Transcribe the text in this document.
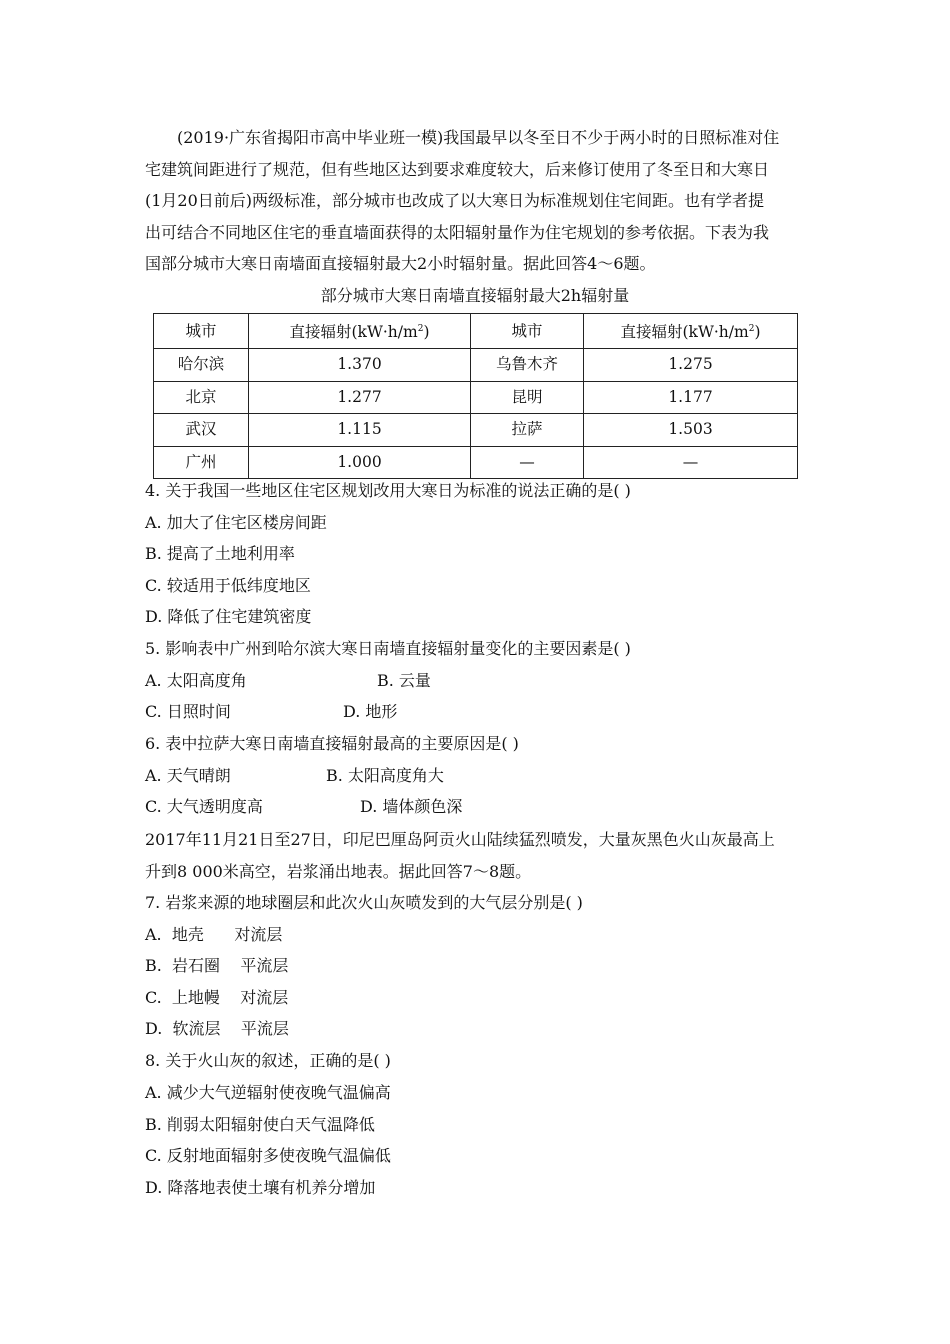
(2019·广东省揭阳市高中毕业班一模)我国最早以冬至日不少于两小时的日照标准对住
宅建筑间距进行了规范，但有些地区达到要求难度较大，后来修订使用了冬至日和大寒日
(1月20日前后)两级标准，部分城市也改成了以大寒日为标准规划住宅间距。也有学者提
出可结合不同地区住宅的垂直墙面获得的太阳辐射量作为住宅规划的参考依据。下表为我
国部分城市大寒日南墙面直接辐射最大2小时辐射量。据此回答4～6题。
部分城市大寒日南墙直接辐射最大2h辐射量
城市	直接辐射$(kW\cdot h/m^2)$	城市	直接辐射$(kW\cdot h/m^2)$
哈尔滨	1.370	乌鲁木齐	1.275
北京	1.277	昆明	1.177
武汉	1.115	拉萨	1.503
广州	1.000	—	—
4. 关于我国一些地区住宅区规划改用大寒日为标准的说法正确的是( )
A. 加大了住宅区楼房间距
B. 提高了土地利用率
C. 较适用于低纬度地区
D. 降低了住宅建筑密度
5. 影响表中广州到哈尔滨大寒日南墙直接辐射量变化的主要因素是( )
A. 太阳高度角	B. 云量
C. 日照时间	D. 地形
6. 表中拉萨大寒日南墙直接辐射最高的主要原因是( )
A. 天气晴朗	B. 太阳高度角大
C. 大气透明度高	D. 墙体颜色深
2017年11月21日至27日，印尼巴厘岛阿贡火山陆续猛烈喷发，大量灰黑色火山灰最高上
升到8 000米高空，岩浆涌出地表。据此回答7～8题。
7. 岩浆来源的地球圈层和此次火山灰喷发到的大气层分别是( )
A.  地壳      对流层
B.  岩石圈    平流层
C.  上地幔    对流层
D.  软流层    平流层
8. 关于火山灰的叙述，正确的是( )
A. 减少大气逆辐射使夜晚气温偏高
B. 削弱太阳辐射使白天气温降低
C. 反射地面辐射多使夜晚气温偏低
D. 降落地表使土壤有机养分增加
